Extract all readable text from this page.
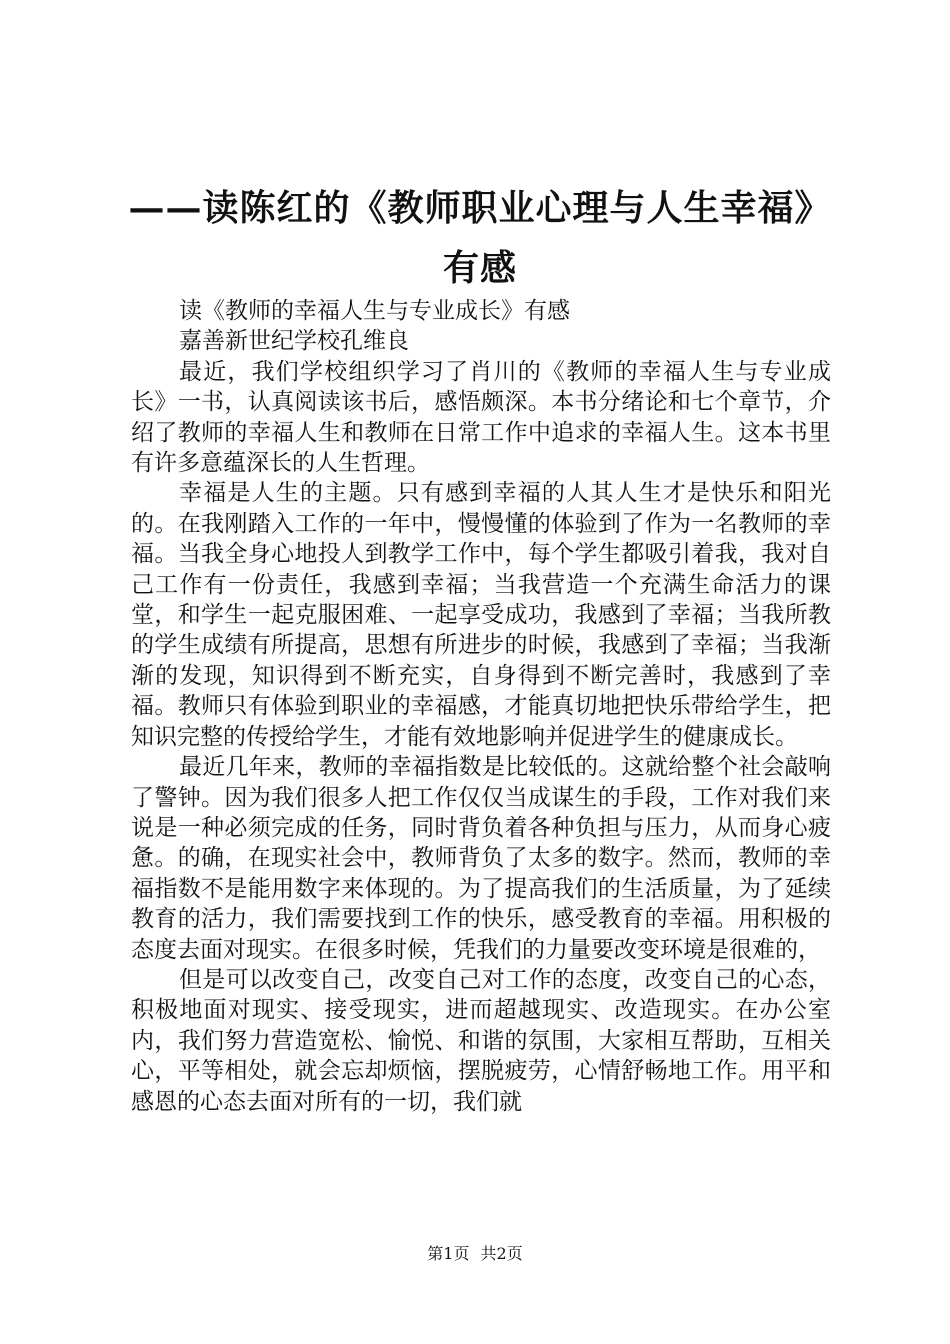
——读陈红的《教师职业心理与人生幸福》有感

读《教师的幸福人生与专业成长》有感

嘉善新世纪学校孔维良

最近，我们学校组织学习了肖川的《教师的幸福人生与专业成长》一书，认真阅读该书后，感悟颇深。本书分绪论和七个章节，介绍了教师的幸福人生和教师在日常工作中追求的幸福人生。这本书里有许多意蕴深长的人生哲理。

幸福是人生的主题。只有感到幸福的人其人生才是快乐和阳光的。在我刚踏入工作的一年中，慢慢懂的体验到了作为一名教师的幸福。当我全身心地投人到教学工作中，每个学生都吸引着我，我对自己工作有一份责任，我感到幸福；当我营造一个充满生命活力的课堂，和学生一起克服困难、一起享受成功，我感到了幸福；当我所教的学生成绩有所提高，思想有所进步的时候，我感到了幸福；当我渐渐的发现，知识得到不断充实，自身得到不断完善时，我感到了幸福。教师只有体验到职业的幸福感，才能真切地把快乐带给学生，把知识完整的传授给学生，才能有效地影响并促进学生的健康成长。

最近几年来，教师的幸福指数是比较低的。这就给整个社会敲响了警钟。因为我们很多人把工作仅仅当成谋生的手段，工作对我们来说是一种必须完成的任务，同时背负着各种负担与压力，从而身心疲惫。的确，在现实社会中，教师背负了太多的数字。然而，教师的幸福指数不是能用数字来体现的。为了提高我们的生活质量，为了延续教育的活力，我们需要找到工作的快乐，感受教育的幸福。用积极的态度去面对现实。在很多时候，凭我们的力量要改变环境是很难的，

但是可以改变自己，改变自己对工作的态度，改变自己的心态，积极地面对现实、接受现实，进而超越现实、改造现实。在办公室内，我们努力营造宽松、愉悦、和谐的氛围，大家相互帮助，互相关心，平等相处，就会忘却烦恼，摆脱疲劳，心情舒畅地工作。用平和感恩的心态去面对所有的一切，我们就

第1页 共2页
